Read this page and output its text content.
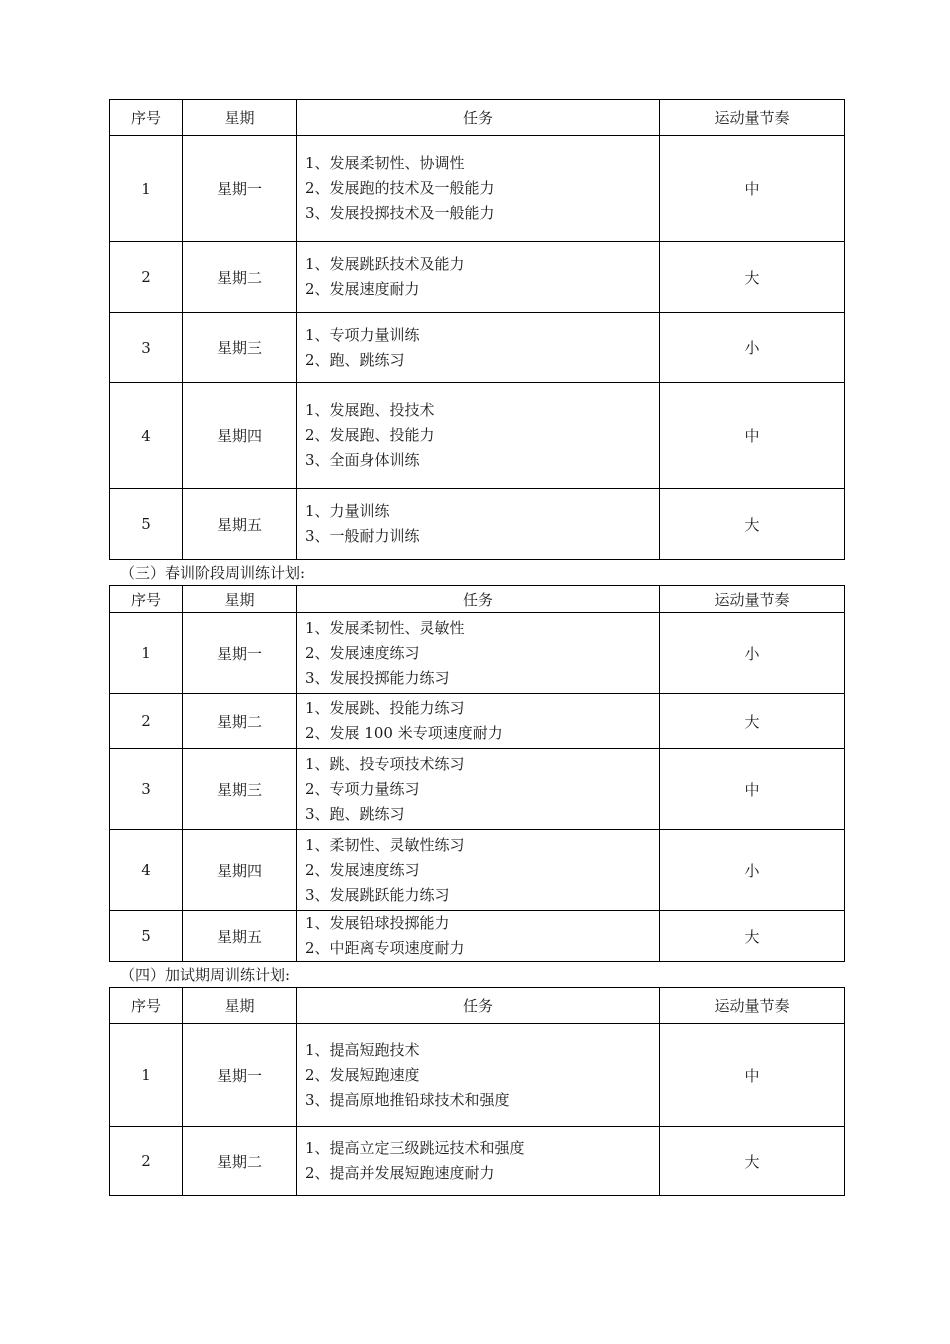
序号	星期	任务	运动量节奏
1	星期一	1、发展柔韧性、协调性
2、发展跑的技术及一般能力
3、发展投掷技术及一般能力	中
2	星期二	1、发展跳跃技术及能力
2、发展速度耐力	大
3	星期三	1、专项力量训练
2、跑、跳练习	小
4	星期四	1、发展跑、投技术
2、发展跑、投能力
3、全面身体训练	中
5	星期五	1、力量训练
3、一般耐力训练	大
（三）春训阶段周训练计划:
序号	星期	任务	运动量节奏
1	星期一	1、发展柔韧性、灵敏性
2、发展速度练习
3、发展投掷能力练习	小
2	星期二	1、发展跳、投能力练习
2、发展 100 米专项速度耐力	大
3	星期三	1、跳、投专项技术练习
2、专项力量练习
3、跑、跳练习	中
4	星期四	1、柔韧性、灵敏性练习
2、发展速度练习
3、发展跳跃能力练习	小
5	星期五	1、发展铅球投掷能力
2、中距离专项速度耐力	大
（四）加试期周训练计划:
序号	星期	任务	运动量节奏
1	星期一	1、提高短跑技术
2、发展短跑速度
3、提高原地推铅球技术和强度	中
2	星期二	1、提高立定三级跳远技术和强度
2、提高并发展短跑速度耐力	大
